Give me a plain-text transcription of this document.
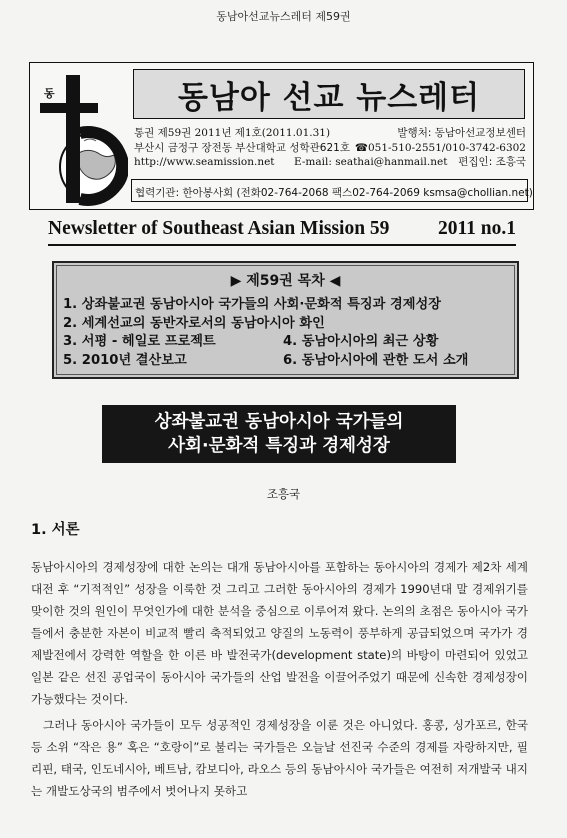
동남아선교뉴스레터 제59권
동	동남아 선교 뉴스레터
통권 제59권 2011년 제1호(2011.01.31)	발행처: 동남아선교정보센터
부산시 금정구 장전동 부산대학교 성학관621호 ☎051-510-2551/010-3742-6302
http://www.seamission.net E-mail: seathai@hanmail.net 편집인: 조흥국
협력기관: 한아봉사회 (전화02-764-2068 팩스02-764-2069 ksmsa@chollian.net)
Newsletter of Southeast Asian Mission 59 2011 no.1
▶ 제59권 목차 ◀
1. 상좌불교권 동남아시아 국가들의 사회·문화적 특징과 경제성장
2. 세계선교의 동반자로서의 동남아시아 화인
3. 서평 - 헤일로 프로젝트	4. 동남아시아의 최근 상황
5. 2010년 결산보고	6. 동남아시아에 관한 도서 소개
상좌불교권 동남아시아 국가들의
사회·문화적 특징과 경제성장
조흥국
1. 서론

동남아시아의 경제성장에 대한 논의는 대개 동남아시아를 포함하는 동아시아의 경제가 제2차 세계대전 후 “기적적인” 성장을 이룩한 것 그리고 그러한 동아시아의 경제가 1990년대 말 경제위기를 맞이한 것의 원인이 무엇인가에 대한 분석을 중심으로 이루어져 왔다. 논의의 초점은 동아시아 국가들에서 충분한 자본이 비교적 빨리 축적되었고 양질의 노동력이 풍부하게 공급되었으며 국가가 경제발전에서 강력한 역할을 한 이른 바 발전국가(development state)의 바탕이 마련되어 있었고 일본 같은 선진 공업국이 동아시아 국가들의 산업 발전을 이끌어주었기 때문에 신속한 경제성장이 가능했다는 것이다.

그러나 동아시아 국가들이 모두 성공적인 경제성장을 이룬 것은 아니었다. 홍콩, 싱가포르, 한국 등 소위 “작은 용” 혹은 “호랑이”로 불리는 국가들은 오늘날 선진국 수준의 경제를 자랑하지만, 필리핀, 태국, 인도네시아, 베트남, 캄보디아, 라오스 등의 동남아시아 국가들은 여전히 저개발국 내지는 개발도상국의 범주에서 벗어나지 못하고
